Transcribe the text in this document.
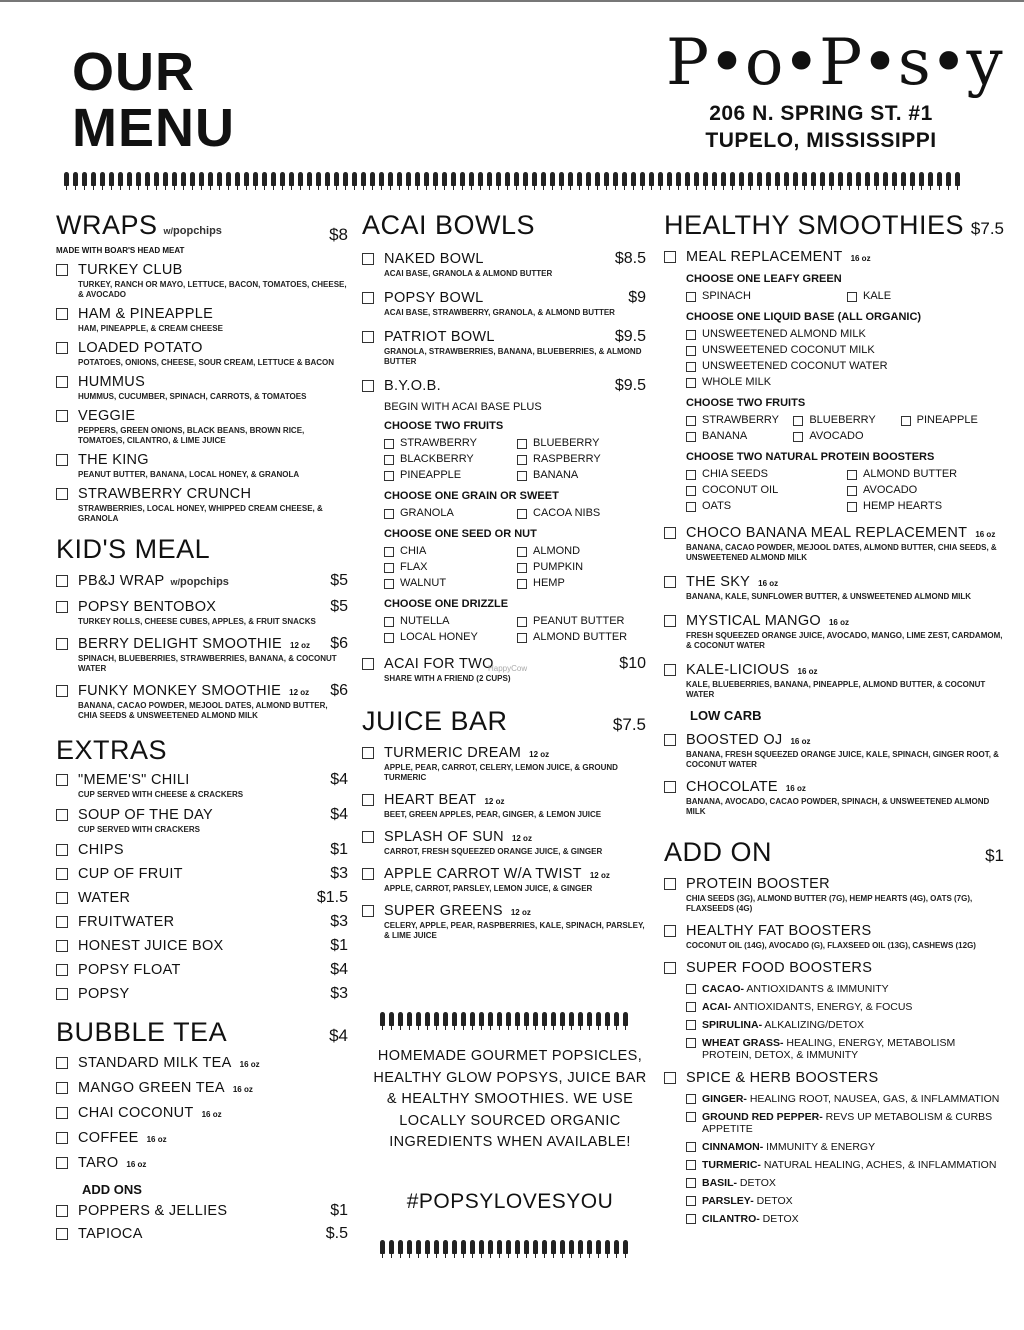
OUR
MENU
P•o•P•s•y
206 N. SPRING ST. #1
TUPELO, MISSISSIPPI
WRAPS w/popchips	$8
MADE WITH BOAR'S HEAD MEAT
TURKEY CLUB
TURKEY, RANCH OR MAYO, LETTUCE, BACON, TOMATOES, CHEESE, & AVOCADO
HAM & PINEAPPLE
HAM, PINEAPPLE, & CREAM CHEESE
LOADED POTATO
POTATOES, ONIONS, CHEESE, SOUR CREAM, LETTUCE & BACON
HUMMUS
HUMMUS, CUCUMBER, SPINACH, CARROTS, & TOMATOES
VEGGIE
PEPPERS, GREEN ONIONS, BLACK BEANS, BROWN RICE, TOMATOES, CILANTRO, & LIME JUICE
THE KING
PEANUT BUTTER, BANANA, LOCAL HONEY, & GRANOLA
STRAWBERRY CRUNCH
STRAWBERRIES, LOCAL HONEY, WHIPPED CREAM CHEESE, & GRANOLA
KID'S MEAL
PB&J WRAP w/popchips	$5
POPSY BENTOBOX	$5
TURKEY ROLLS, CHEESE CUBES, APPLES, & FRUIT SNACKS
BERRY DELIGHT SMOOTHIE 12 oz $6
SPINACH, BLUEBERRIES, STRAWBERRIES, BANANA, & COCONUT WATER
FUNKY MONKEY SMOOTHIE 12 oz $6
BANANA, CACAO POWDER, MEJOOL DATES, ALMOND BUTTER, CHIA SEEDS & UNSWEETENED ALMOND MILK
EXTRAS
"MEME'S" CHILI	$4
CUP SERVED WITH CHEESE & CRACKERS
SOUP OF THE DAY	$4
CUP SERVED WITH CRACKERS
CHIPS	$1
CUP OF FRUIT	$3
WATER	$1.5
FRUITWATER	$3
HONEST JUICE BOX	$1
POPSY FLOAT	$4
POPSY	$3
BUBBLE TEA	$4
STANDARD MILK TEA 16 oz
MANGO GREEN TEA 16 oz
CHAI COCONUT 16 oz
COFFEE 16 oz
TARO 16 oz
ADD ONS
POPPERS & JELLIES	$1
TAPIOCA	$.5
ACAI BOWLS
NAKED BOWL	$8.5
ACAI BASE, GRANOLA & ALMOND BUTTER
POPSY BOWL	$9
ACAI BASE, STRAWBERRY, GRANOLA, & ALMOND BUTTER
PATRIOT BOWL	$9.5
GRANOLA, STRAWBERRIES, BANANA, BLUEBERRIES, & ALMOND BUTTER
B.Y.O.B.	$9.5
BEGIN WITH ACAI BASE PLUS
CHOOSE TWO FRUITS
STRAWBERRY	BLUEBERRY
BLACKBERRY	RASPBERRY
PINEAPPLE	BANANA
CHOOSE ONE GRAIN OR SWEET
GRANOLA	CACOA NIBS
CHOOSE ONE SEED OR NUT
CHIA	ALMOND
FLAX	PUMPKIN
WALNUT	HEMP
CHOOSE ONE DRIZZLE
NUTELLA	PEANUT BUTTER
LOCAL HONEY	ALMOND BUTTER
ACAI FOR TWO	$10
SHARE WITH A FRIEND (2 CUPS)
JUICE BAR	$7.5
TURMERIC DREAM 12 oz
APPLE, PEAR, CARROT, CELERY, LEMON JUICE, & GROUND TURMERIC
HEART BEAT 12 oz
BEET, GREEN APPLES, PEAR, GINGER, & LEMON JUICE
SPLASH OF SUN 12 oz
CARROT, FRESH SQUEEZED ORANGE JUICE, & GINGER
APPLE CARROT W/A TWIST 12 oz
APPLE, CARROT, PARSLEY, LEMON JUICE, & GINGER
SUPER GREENS 12 oz
CELERY, APPLE, PEAR, RASPBERRIES, KALE, SPINACH, PARSLEY, & LIME JUICE
HappyCow
HOMEMADE GOURMET POPSICLES, HEALTHY GLOW POPSYS, JUICE BAR & HEALTHY SMOOTHIES. WE USE LOCALLY SOURCED ORGANIC INGREDIENTS WHEN AVAILABLE!
#POPSYLOVESYOU
HEALTHY SMOOTHIES $7.5
MEAL REPLACEMENT 16 oz
CHOOSE ONE LEAFY GREEN
SPINACH	KALE
CHOOSE ONE LIQUID BASE (ALL ORGANIC)
UNSWEETENED ALMOND MILK
UNSWEETENED COCONUT MILK
UNSWEETENED COCONUT WATER
WHOLE MILK
CHOOSE TWO FRUITS
STRAWBERRY	BLUEBERRY	PINEAPPLE
BANANA	AVOCADO
CHOOSE TWO NATURAL PROTEIN BOOSTERS
CHIA SEEDS	ALMOND BUTTER
COCONUT OIL	AVOCADO
OATS	HEMP HEARTS
CHOCO BANANA MEAL REPLACEMENT 16 oz
BANANA, CACAO POWDER, MEJOOL DATES, ALMOND BUTTER, CHIA SEEDS, & UNSWEETENED ALMOND MILK
THE SKY 16 oz
BANANA, KALE, SUNFLOWER BUTTER, & UNSWEETENED ALMOND MILK
MYSTICAL MANGO 16 oz
FRESH SQUEEZED ORANGE JUICE, AVOCADO, MANGO, LIME ZEST, CARDAMOM, & COCONUT WATER
KALE-LICIOUS 16 oz
KALE, BLUEBERRIES, BANANA, PINEAPPLE, ALMOND BUTTER, & COCONUT WATER
LOW CARB
BOOSTED OJ 16 oz
BANANA, FRESH SQUEEZED ORANGE JUICE, KALE, SPINACH, GINGER ROOT, & COCONUT WATER
CHOCOLATE 16 oz
BANANA, AVOCADO, CACAO POWDER, SPINACH, & UNSWEETENED ALMOND MILK
ADD ON	$1
PROTEIN BOOSTER
CHIA SEEDS (3G), ALMOND BUTTER (7G), HEMP HEARTS (4G), OATS (7G), FLAXSEEDS (4G)
HEALTHY FAT BOOSTERS
COCONUT OIL (14G), AVOCADO (G), FLAXSEED OIL (13G), CASHEWS (12G)
SUPER FOOD BOOSTERS
CACAO- ANTIOXIDANTS & IMMUNITY
ACAI- ANTIOXIDANTS, ENERGY, & FOCUS
SPIRULINA- ALKALIZING/DETOX
WHEAT GRASS- HEALING, ENERGY, METABOLISM PROTEIN, DETOX, & IMMUNITY
SPICE & HERB BOOSTERS
GINGER- HEALING ROOT, NAUSEA, GAS, & INFLAMMATION
GROUND RED PEPPER- REVS UP METABOLISM & CURBS APPETITE
CINNAMON- IMMUNITY & ENERGY
TURMERIC- NATURAL HEALING, ACHES, & INFLAMMATION
BASIL- DETOX
PARSLEY- DETOX
CILANTRO- DETOX
